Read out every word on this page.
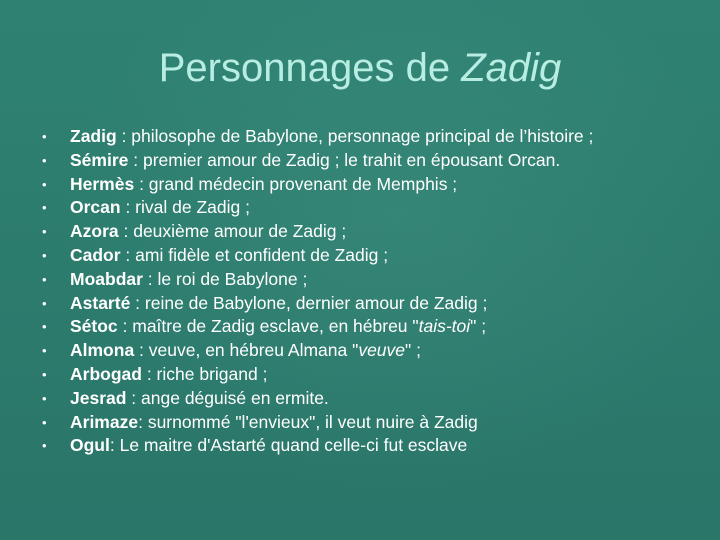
Personnages de Zadig
• Zadig : philosophe de Babylone, personnage principal de l’histoire ;
• Sémire : premier amour de Zadig ; le trahit en épousant Orcan.
• Hermès : grand médecin provenant de Memphis ;
• Orcan : rival de Zadig ;
• Azora : deuxième amour de Zadig ;
• Cador : ami fidèle et confident de Zadig ;
• Moabdar : le roi de Babylone ;
• Astarté : reine de Babylone, dernier amour de Zadig ;
• Sétoc : maître de Zadig esclave, en hébreu "tais-toi" ;
• Almona : veuve, en hébreu Almana "veuve" ;
• Arbogad : riche brigand ;
• Jesrad : ange déguisé en ermite.
• Arimaze: surnommé "l'envieux", il veut nuire à Zadig
• Ogul: Le maitre d'Astarté quand celle-ci fut esclave
